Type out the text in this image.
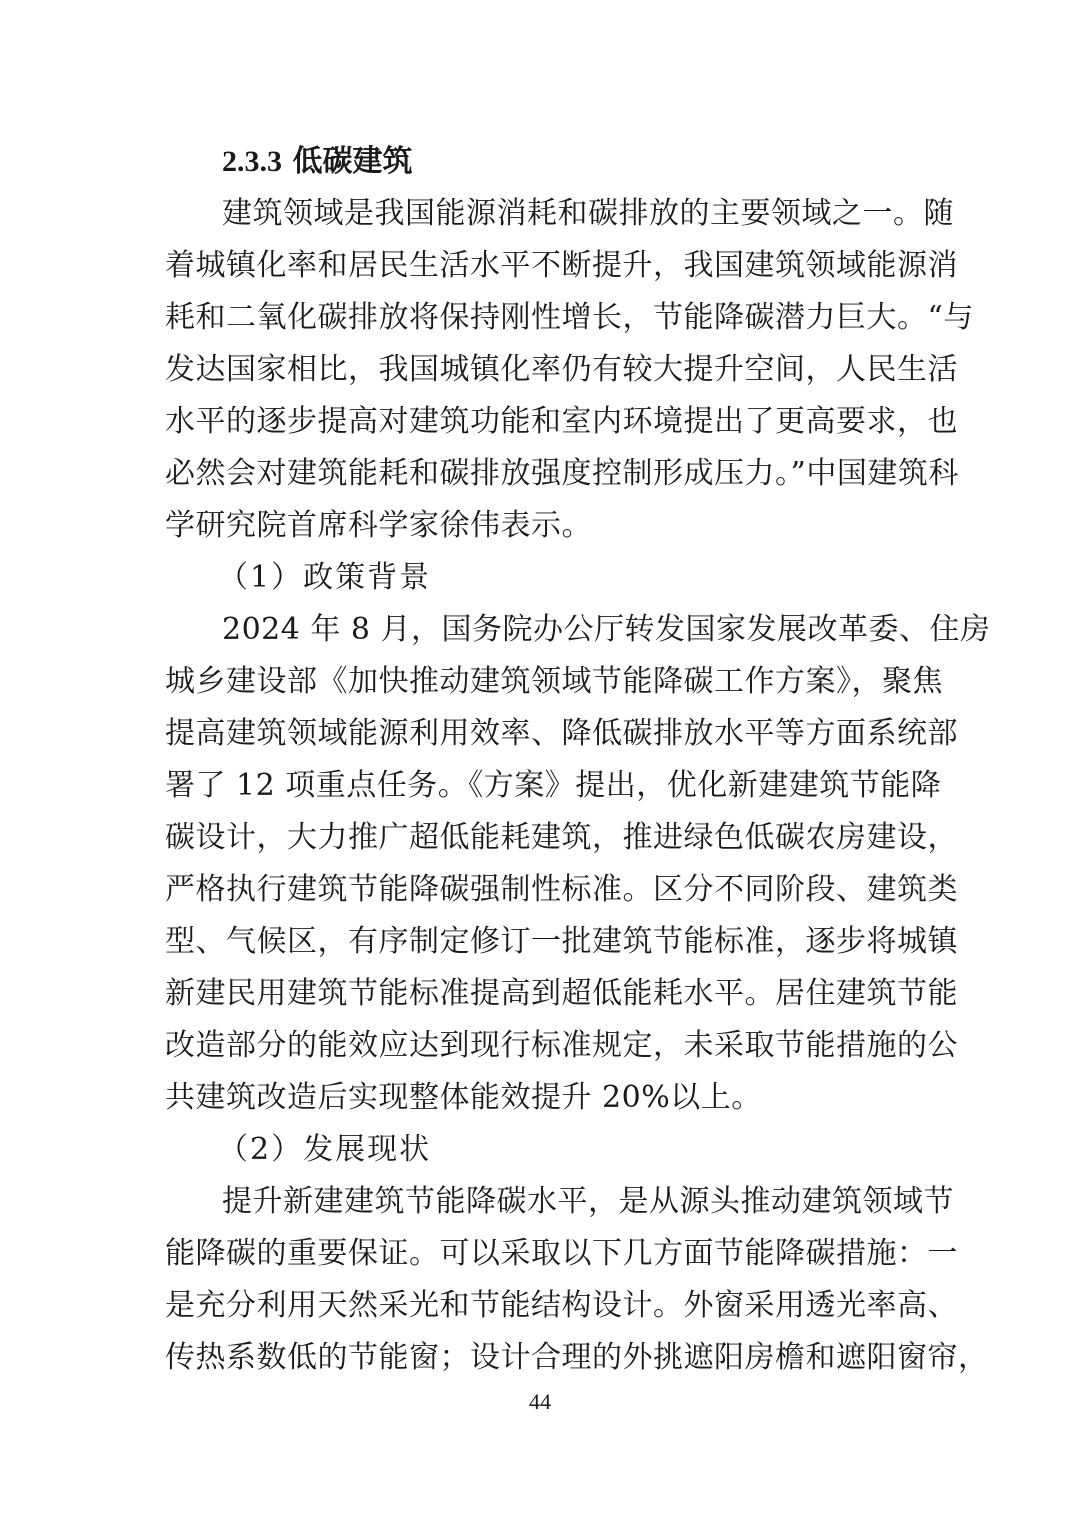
2.3.3 低碳建筑
建筑领域是我国能源消耗和碳排放的主要领域之一。随
着城镇化率和居民生活水平不断提升，我国建筑领域能源消
耗和二氧化碳排放将保持刚性增长，节能降碳潜力巨大。“与
发达国家相比，我国城镇化率仍有较大提升空间，人民生活
水平的逐步提高对建筑功能和室内环境提出了更高要求，也
必然会对建筑能耗和碳排放强度控制形成压力。”中国建筑科
学研究院首席科学家徐伟表示。
（1）政策背景
2024 年 8 月，国务院办公厅转发国家发展改革委、住房
城乡建设部《加快推动建筑领域节能降碳工作方案》，聚焦
提高建筑领域能源利用效率、降低碳排放水平等方面系统部
署了 12 项重点任务。《方案》提出，优化新建建筑节能降
碳设计，大力推广超低能耗建筑，推进绿色低碳农房建设，
严格执行建筑节能降碳强制性标准。区分不同阶段、建筑类
型、气候区，有序制定修订一批建筑节能标准，逐步将城镇
新建民用建筑节能标准提高到超低能耗水平。居住建筑节能
改造部分的能效应达到现行标准规定，未采取节能措施的公
共建筑改造后实现整体能效提升 20%以上。
（2）发展现状
提升新建建筑节能降碳水平，是从源头推动建筑领域节
能降碳的重要保证。可以采取以下几方面节能降碳措施：一
是充分利用天然采光和节能结构设计。外窗采用透光率高、
传热系数低的节能窗；设计合理的外挑遮阳房檐和遮阳窗帘，
44
